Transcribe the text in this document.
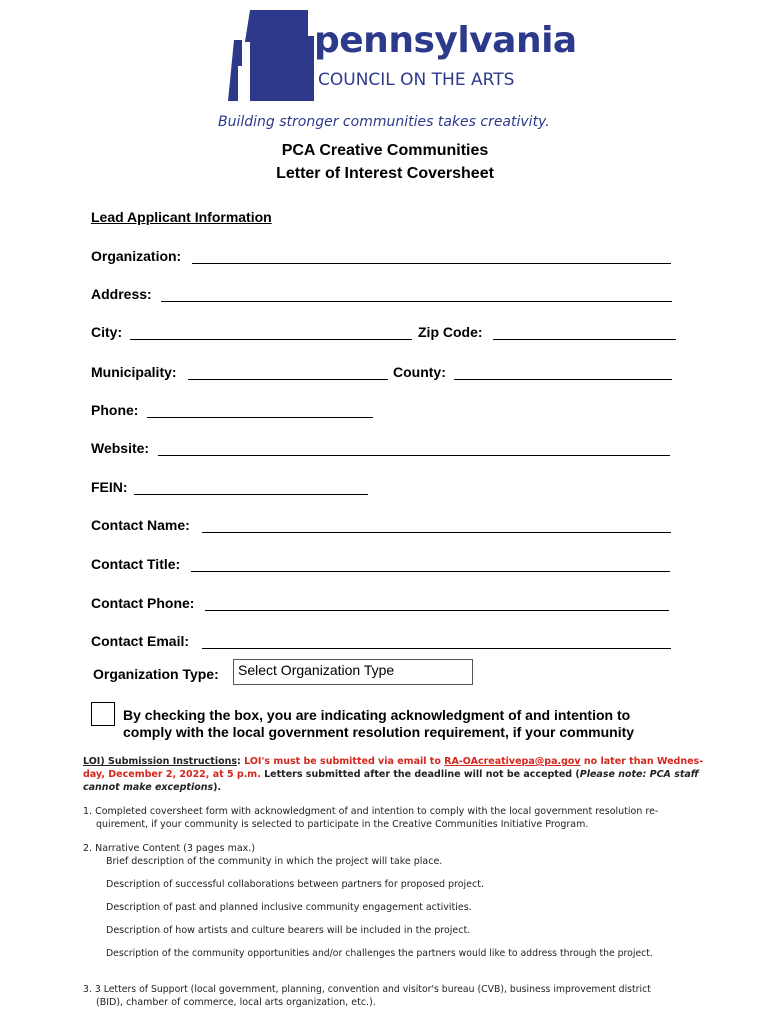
pennsylvania
COUNCIL ON THE ARTS
Building stronger communities takes creativity.
PCA Creative Communities
Letter of Interest Coversheet
Lead Applicant Information
Organization:
Address:
City:	Zip Code:
Municipality:	County:
Phone:
Website:
FEIN:
Contact Name:
Contact Title:
Contact Phone:
Contact Email:
Organization Type:	Select Organization Type
By checking the box, you are indicating acknowledgment of and intention to
comply with the local government resolution requirement, if your community
LOI) Submission Instructions: LOI's must be submitted via email to RA-OAcreativepa@pa.gov no later than Wednes-
day, December 2, 2022, at 5 p.m. Letters submitted after the deadline will not be accepted (Please note: PCA staff
cannot make exceptions).
1. Completed coversheet form with acknowledgment of and intention to comply with the local government resolution re-
quirement, if your community is selected to participate in the Creative Communities Initiative Program.
2. Narrative Content (3 pages max.)
Brief description of the community in which the project will take place.
Description of successful collaborations between partners for proposed project.
Description of past and planned inclusive community engagement activities.
Description of how artists and culture bearers will be included in the project.
Description of the community opportunities and/or challenges the partners would like to address through the project.
3. 3 Letters of Support (local government, planning, convention and visitor's bureau (CVB), business improvement district
(BID), chamber of commerce, local arts organization, etc.).
